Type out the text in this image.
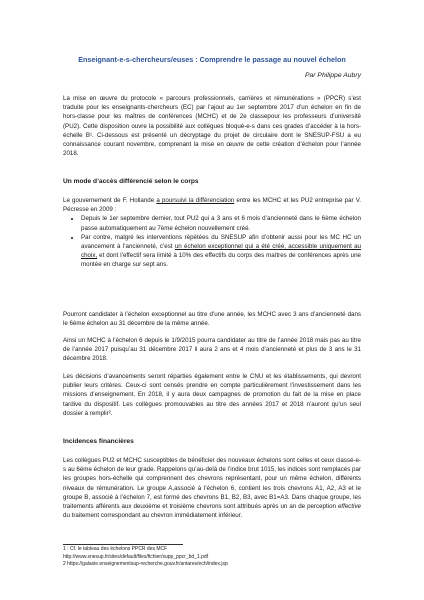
Enseignant-e-s-chercheurs/euses : Comprendre le passage au nouvel échelon
Par Philippe Aubry

La mise en œuvre du protocole « parcours professionnels, carrières et rémunérations » (PPCR) s’est traduite pour les enseignants-chercheurs (EC) par l’ajout au 1er septembre 2017 d’un échelon en fin de hors-classe pour les maîtres de conférences (MCHC) et de 2e classepour les professeurs d’université (PU2). Cette disposition ouvre la possibilité aux collègues bloqué-e-s dans ces grades d’accéder à la hors-échelle B¹. Ci-dessous est présenté un décryptage du projet de circulaire dont le SNESUP-FSU a eu connaissance courant novembre, comprenant la mise en œuvre de cette création d’échelon pour l’année 2018.

Un mode d’accès différencié selon le corps

Le gouvernement de F. Hollande a poursuivi la différenciation entre les MCHC et les PU2 entreprise par V. Pécresse en 2009 :

• Depuis le 1er septembre dernier, tout PU2 qui a 3 ans et 6 mois d’ancienneté dans le 6ème échelon passe automatiquement au 7ème échelon nouvellement créé.
• Par contre, malgré les interventions répétées du SNESUP afin d’obtenir aussi pour les MC HC un avancement à l’ancienneté, c’est un échelon exceptionnel qui a été créé, accessible uniquement au choix, et dont l’effectif sera limité à 10% des effectifs du corps des maîtres de conférences après une montée en charge sur sept ans.

Pourront candidater à l’échelon exceptionnel au titre d’une année, les MCHC avec 3 ans d’ancienneté dans le 6ème échelon au 31 décembre de la même année.

Ainsi un MCHC à l’échelon 6 depuis le 1/9/2015 pourra candidater au titre de l’année 2018 mais pas au titre de l’année 2017 puisqu’au 31 décembre 2017 il aura 2 ans et 4 mois d’ancienneté et plus de 3 ans le 31 décembre 2018.

Les décisions d’avancements seront réparties également entre le CNU et les établissements, qui devront publier leurs critères. Ceux-ci sont censés prendre en compte particulièrement l’investissement dans les missions d’enseignement. En 2018, il y aura deux campagnes de promotion du fait de la mise en place tardive du dispositif. Les collègues promouvables au titre des années 2017 et 2018 n’auront qu’un seul dossier à remplir².

Incidences financières

Les collègues PU2 et MCHC susceptibles de bénéficier des nouveaux échelons sont celles et ceux classé-e-s au 6ème échelon de leur grade. Rappelons qu’au-delà de l’indice brut 1015, les indices sont remplacés par les groupes hors-échelle qui comprennent des chevrons représentant, pour un même échelon, différents niveaux de rémunération. Le groupe A,associé à l’échelon 6, contient les trois chevrons A1, A2, A3 et le groupe B, associé à l’échelon 7, est formé des chevrons B1, B2, B3, avec B1=A3. Dans chaque groupe, les traitements afférents aux deuxième et troisième chevrons sont attribués après un an de perception effective du traitement correspondant au chevron immédiatement inférieur.

1 : Cf. le tableau des échelons PPCR des MCF

http://www.snesup.fr/sites/default/files/fichier/supp_ppcr_bd_1.pdf

2 https://galaxie.enseignementsup-recherche.gouv.fr/antares/ech/index.jsp
